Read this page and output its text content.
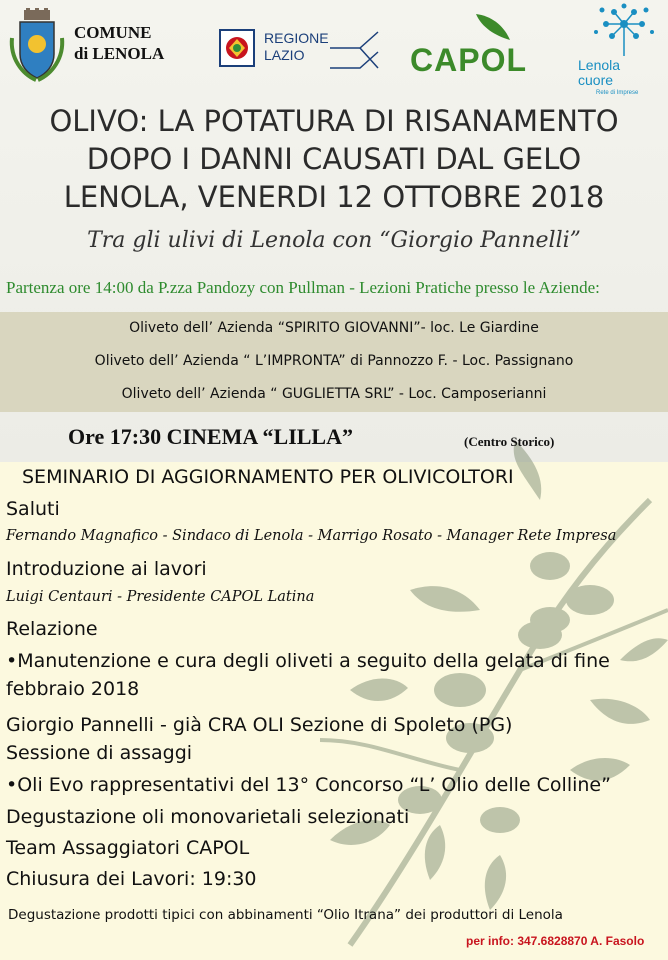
COMUNE
di LENOLA
REGIONE
LAZIO	CAPOL	Lenola
cuore
Rete di Imprese
OLIVO: LA POTATURA DI RISANAMENTO
DOPO I DANNI CAUSATI DAL GELO
LENOLA, VENERDI 12 OTTOBRE 2018
Tra gli ulivi di Lenola con “Giorgio Pannelli”
Partenza ore 14:00 da P.zza Pandozy con Pullman - Lezioni Pratiche presso le Aziende:
Oliveto dell’ Azienda “SPIRITO GIOVANNI”- loc. Le Giardine
Oliveto dell’ Azienda “ L’IMPRONTA” di Pannozzo F. - Loc. Passignano
Oliveto dell’ Azienda “ GUGLIETTA SRL” - Loc. Camposerianni
Ore 17:30 CINEMA “LILLA”	(Centro Storico)
SEMINARIO DI AGGIORNAMENTO PER OLIVICOLTORI
Saluti
Fernando Magnafico - Sindaco di Lenola - Marrigo Rosato - Manager Rete Impresa
Introduzione ai lavori
Luigi Centauri - Presidente CAPOL Latina
Relazione
•Manutenzione e cura degli oliveti a seguito della gelata di fine
febbraio 2018
Giorgio Pannelli - già CRA OLI Sezione di Spoleto (PG)
Sessione di assaggi
•Oli Evo rappresentativi del 13° Concorso “L’ Olio delle Colline”
Degustazione oli monovarietali selezionati
Team Assaggiatori CAPOL
Chiusura dei Lavori: 19:30
Degustazione prodotti tipici con abbinamenti “Olio Itrana” dei produttori di Lenola
per info: 347.6828870 A. Fasolo
